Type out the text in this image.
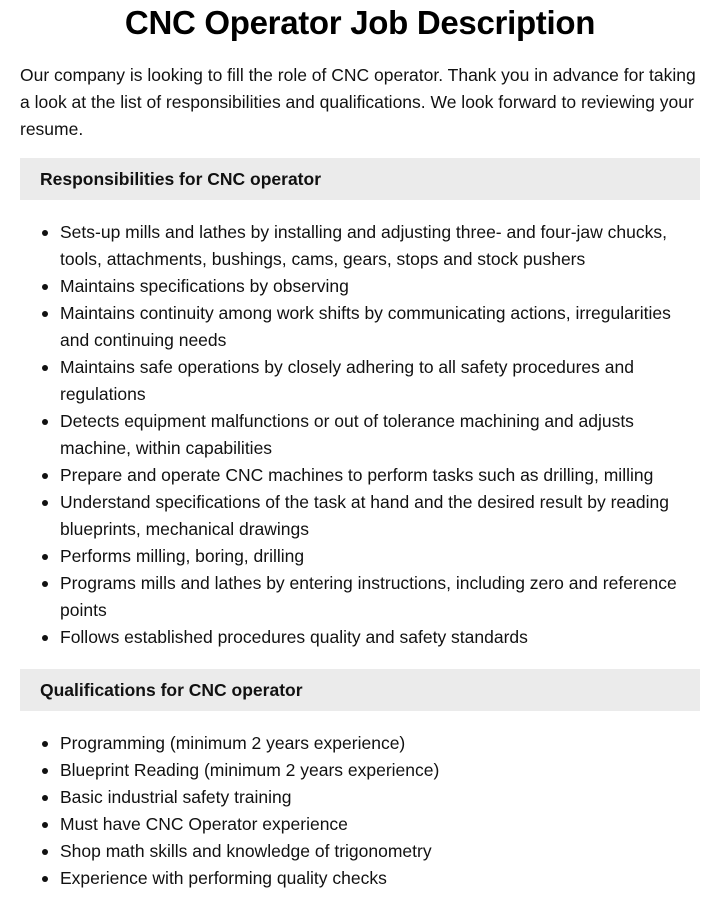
CNC Operator Job Description

Our company is looking to fill the role of CNC operator. Thank you in advance for taking a look at the list of responsibilities and qualifications. We look forward to reviewing your resume.

Responsibilities for CNC operator
Sets-up mills and lathes by installing and adjusting three- and four-jaw chucks, tools, attachments, bushings, cams, gears, stops and stock pushers
Maintains specifications by observing
Maintains continuity among work shifts by communicating actions, irregularities and continuing needs
Maintains safe operations by closely adhering to all safety procedures and regulations
Detects equipment malfunctions or out of tolerance machining and adjusts machine, within capabilities
Prepare and operate CNC machines to perform tasks such as drilling, milling
Understand specifications of the task at hand and the desired result by reading blueprints, mechanical drawings
Performs milling, boring, drilling
Programs mills and lathes by entering instructions, including zero and reference points
Follows established procedures quality and safety standards
Qualifications for CNC operator
Programming (minimum 2 years experience)
Blueprint Reading (minimum 2 years experience)
Basic industrial safety training
Must have CNC Operator experience
Shop math skills and knowledge of trigonometry
Experience with performing quality checks
